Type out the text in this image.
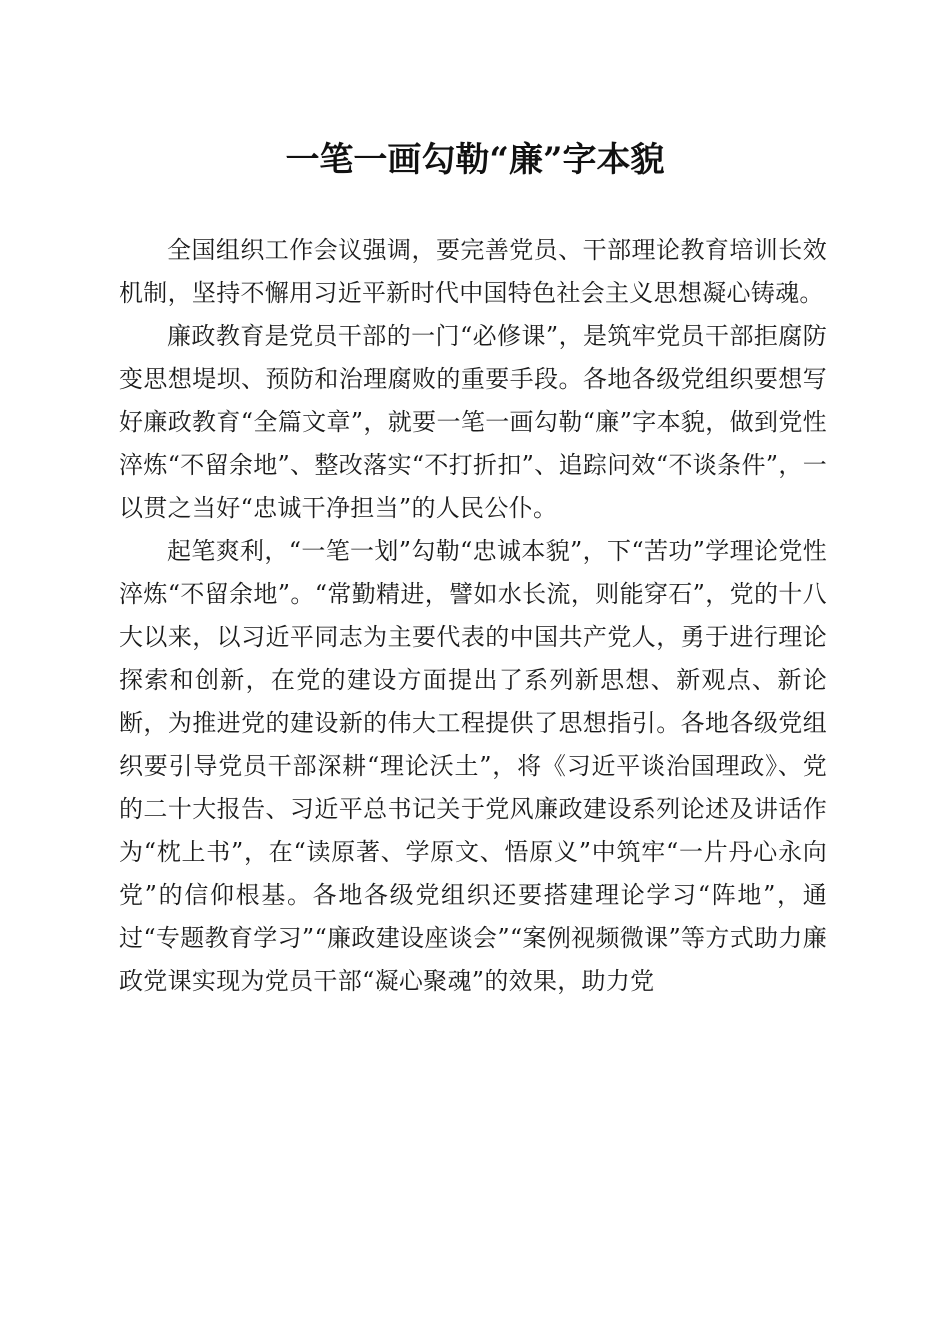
一笔一画勾勒“廉”字本貌

全国组织工作会议强调，要完善党员、干部理论教育培训长效机制，坚持不懈用习近平新时代中国特色社会主义思想凝心铸魂。

廉政教育是党员干部的一门“必修课”，是筑牢党员干部拒腐防变思想堤坝、预防和治理腐败的重要手段。各地各级党组织要想写好廉政教育“全篇文章”，就要一笔一画勾勒“廉”字本貌，做到党性淬炼“不留余地”、整改落实“不打折扣”、追踪问效“不谈条件”，一以贯之当好“忠诚干净担当”的人民公仆。

起笔爽利，“一笔一划”勾勒“忠诚本貌”，下“苦功”学理论党性淬炼“不留余地”。“常勤精进，譬如水长流，则能穿石”，党的十八大以来，以习近平同志为主要代表的中国共产党人，勇于进行理论探索和创新，在党的建设方面提出了系列新思想、新观点、新论断，为推进党的建设新的伟大工程提供了思想指引。各地各级党组织要引导党员干部深耕“理论沃土”，将《习近平谈治国理政》、党的二十大报告、习近平总书记关于党风廉政建设系列论述及讲话作为“枕上书”，在“读原著、学原文、悟原义”中筑牢“一片丹心永向党”的信仰根基。各地各级党组织还要搭建理论学习“阵地”，通过“专题教育学习”“廉政建设座谈会”“案例视频微课”等方式助力廉政党课实现为党员干部“凝心聚魂”的效果，助力党
